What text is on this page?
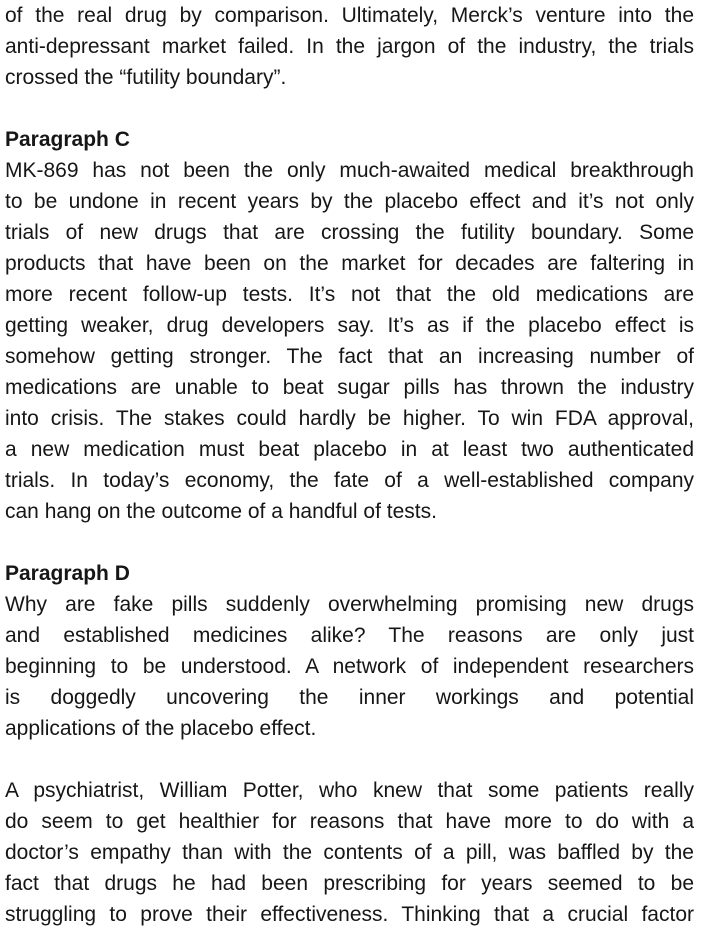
of the real drug by comparison. Ultimately, Merck’s venture into the
anti-depressant market failed. In the jargon of the industry, the trials
crossed the “futility boundary”.
Paragraph C
MK-869 has not been the only much-awaited medical breakthrough
to be undone in recent years by the placebo effect and it’s not only
trials of new drugs that are crossing the futility boundary. Some
products that have been on the market for decades are faltering in
more recent follow-up tests. It’s not that the old medications are
getting weaker, drug developers say. It’s as if the placebo effect is
somehow getting stronger. The fact that an increasing number of
medications are unable to beat sugar pills has thrown the industry
into crisis. The stakes could hardly be higher. To win FDA approval,
a new medication must beat placebo in at least two authenticated
trials. In today’s economy, the fate of a well-established company
can hang on the outcome of a handful of tests.
Paragraph D
Why are fake pills suddenly overwhelming promising new drugs
and established medicines alike? The reasons are only just
beginning to be understood. A network of independent researchers
is doggedly uncovering the inner workings and potential
applications of the placebo effect.
A psychiatrist, William Potter, who knew that some patients really
do seem to get healthier for reasons that have more to do with a
doctor’s empathy than with the contents of a pill, was baffled by the
fact that drugs he had been prescribing for years seemed to be
struggling to prove their effectiveness. Thinking that a crucial factor
